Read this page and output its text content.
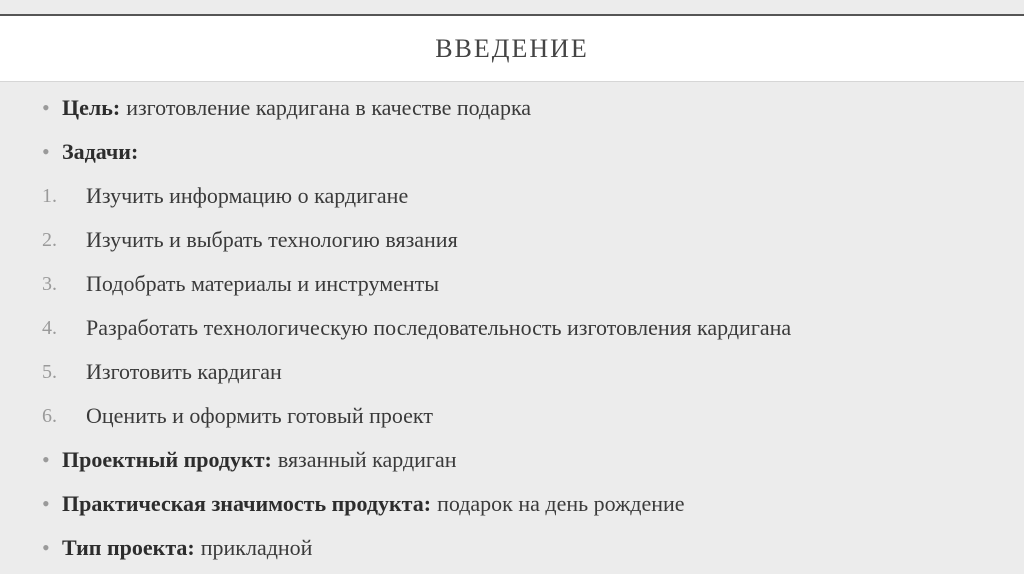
ВВЕДЕНИЕ
• Цель: изготовление кардигана в качестве подарка
• Задачи:
1.	Изучить информацию о кардигане
2.	Изучить и выбрать технологию вязания
3.	Подобрать материалы и инструменты
4.	Разработать технологическую последовательность изготовления кардигана
5.	Изготовить кардиган
6.	Оценить и оформить готовый проект
• Проектный продукт: вязанный кардиган
• Практическая значимость продукта: подарок на день рождение
• Тип проекта: прикладной
